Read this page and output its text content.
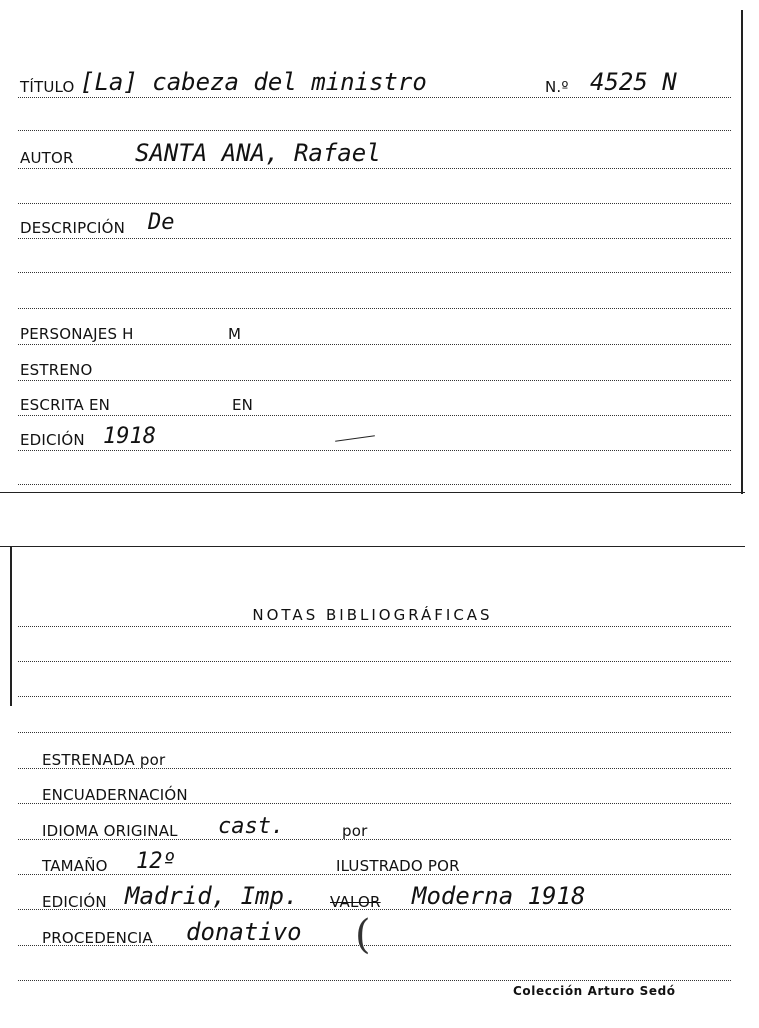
TÍTULO [La] cabeza del ministro	N.º 4525 N
AUTOR	SANTA ANA, Rafael
DESCRIPCIÓN De
PERSONAJES H	M
ESTRENO
ESCRITA EN	EN
EDICIÓN 1918
NOTAS BIBLIOGRÁFICAS
ESTRENADA por
ENCUADERNACIÓN
IDIOMA ORIGINAL cast.	por
TAMAÑO 12º	ILUSTRADO POR
EDICIÓN Madrid, Imp. VALOR Moderna 1918
PROCEDENCIA donativo (
Colección Arturo Sedó
